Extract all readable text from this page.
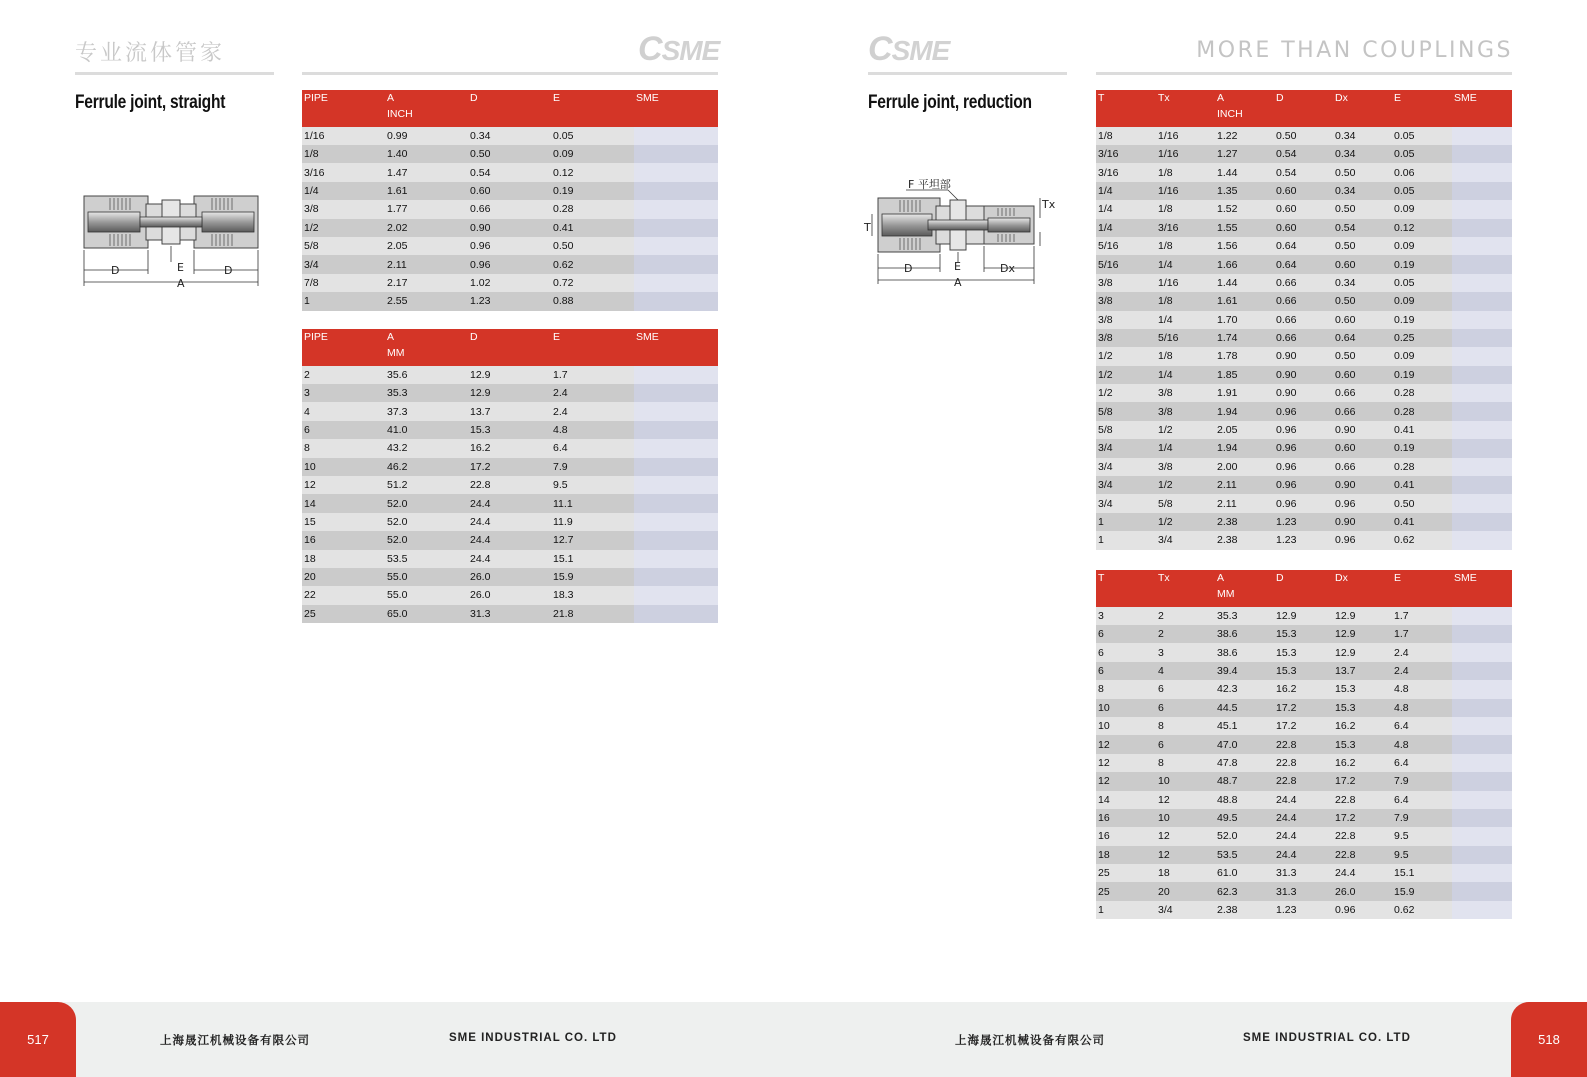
专业流体管家	CSME	CSME	MORE THAN COUPLINGS
Ferrule joint, straight
D	E	D
A
PIPE	A	D	E	SME
	INCH			
1/16	0.99	0.34	0.05	
1/8	1.40	0.50	0.09	
3/16	1.47	0.54	0.12	
1/4	1.61	0.60	0.19	
3/8	1.77	0.66	0.28	
1/2	2.02	0.90	0.41	
5/8	2.05	0.96	0.50	
3/4	2.11	0.96	0.62	
7/8	2.17	1.02	0.72	
1	2.55	1.23	0.88	
PIPE	A	D	E	SME
	MM			
2	35.6	12.9	1.7	
3	35.3	12.9	2.4	
4	37.3	13.7	2.4	
6	41.0	15.3	4.8	
8	43.2	16.2	6.4	
10	46.2	17.2	7.9	
12	51.2	22.8	9.5	
14	52.0	24.4	11.1	
15	52.0	24.4	11.9	
16	52.0	24.4	12.7	
18	53.5	24.4	15.1	
20	55.0	26.0	15.9	
22	55.0	26.0	18.3	
25	65.0	31.3	21.8	
Ferrule joint, reduction
F 平坦部
T
Tx
D	E	Dx
A
T	Tx	A	D	Dx	E	SME
		INCH				
1/8	1/16	1.22	0.50	0.34	0.05	
3/16	1/16	1.27	0.54	0.34	0.05	
3/16	1/8	1.44	0.54	0.50	0.06	
1/4	1/16	1.35	0.60	0.34	0.05	
1/4	1/8	1.52	0.60	0.50	0.09	
1/4	3/16	1.55	0.60	0.54	0.12	
5/16	1/8	1.56	0.64	0.50	0.09	
5/16	1/4	1.66	0.64	0.60	0.19	
3/8	1/16	1.44	0.66	0.34	0.05	
3/8	1/8	1.61	0.66	0.50	0.09	
3/8	1/4	1.70	0.66	0.60	0.19	
3/8	5/16	1.74	0.66	0.64	0.25	
1/2	1/8	1.78	0.90	0.50	0.09	
1/2	1/4	1.85	0.90	0.60	0.19	
1/2	3/8	1.91	0.90	0.66	0.28	
5/8	3/8	1.94	0.96	0.66	0.28	
5/8	1/2	2.05	0.96	0.90	0.41	
3/4	1/4	1.94	0.96	0.60	0.19	
3/4	3/8	2.00	0.96	0.66	0.28	
3/4	1/2	2.11	0.96	0.90	0.41	
3/4	5/8	2.11	0.96	0.96	0.50	
1	1/2	2.38	1.23	0.90	0.41	
1	3/4	2.38	1.23	0.96	0.62	
T	Tx	A	D	Dx	E	SME
		MM				
3	2	35.3	12.9	12.9	1.7	
6	2	38.6	15.3	12.9	1.7	
6	3	38.6	15.3	12.9	2.4	
6	4	39.4	15.3	13.7	2.4	
8	6	42.3	16.2	15.3	4.8	
10	6	44.5	17.2	15.3	4.8	
10	8	45.1	17.2	16.2	6.4	
12	6	47.0	22.8	15.3	4.8	
12	8	47.8	22.8	16.2	6.4	
12	10	48.7	22.8	17.2	7.9	
14	12	48.8	24.4	22.8	6.4	
16	10	49.5	24.4	17.2	7.9	
16	12	52.0	24.4	22.8	9.5	
18	12	53.5	24.4	22.8	9.5	
25	18	61.0	31.3	24.4	15.1	
25	20	62.3	31.3	26.0	15.9	
1	3/4	2.38	1.23	0.96	0.62	
517	518
上海晟江机械设备有限公司	SME INDUSTRIAL CO. LTD	上海晟江机械设备有限公司	SME INDUSTRIAL CO. LTD
